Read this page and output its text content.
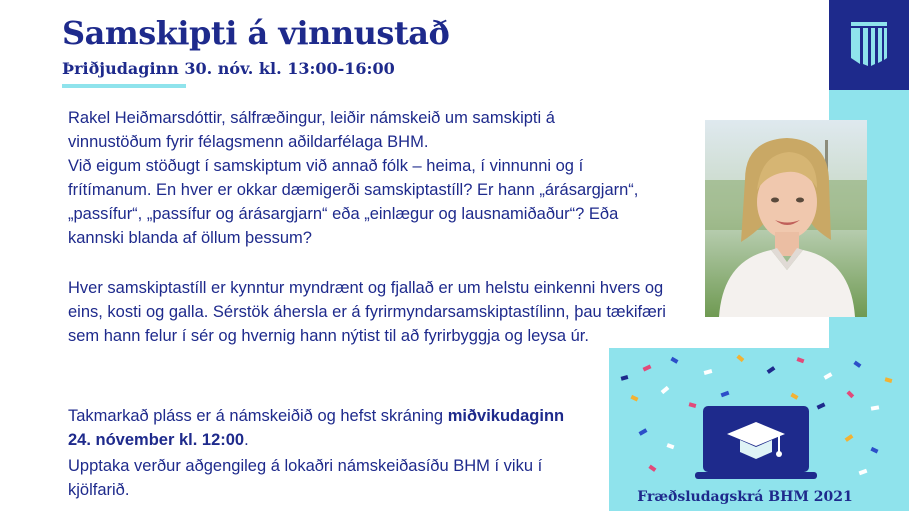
Samskipti á vinnustað

Þriðjudaginn 30. nóv. kl. 13:00-16:00

Rakel Heiðmarsdóttir, sálfræðingur, leiðir námskeið um samskipti á vinnustöðum fyrir félagsmenn aðildarfélaga BHM.

Við eigum stöðugt í samskiptum við annað fólk – heima, í vinnunni og í frítímanum. En hver er okkar dæmigerði samskiptastíll? Er hann „árásargjarn“, „passífur“, „passífur og árásargjarn“ eða „einlægur og lausnamiðaður“? Eða kannski blanda af öllum þessum?

Hver samskiptastíll er kynntur myndrænt og fjallað er um helstu einkenni hvers og eins, kosti og galla. Sérstök áhersla er á fyrirmyndarsamskiptastílinn, þau tækifæri sem hann felur í sér og hvernig hann nýtist til að fyrirbyggja og leysa úr.

Takmarkað pláss er á námskeiðið og hefst skráning miðvikudaginn 24. nóvember kl. 12:00.

Upptaka verður aðgengileg á lokaðri námskeiðasíðu BHM í viku í kjölfarið.	Fræðsludagskrá BHM 2021
